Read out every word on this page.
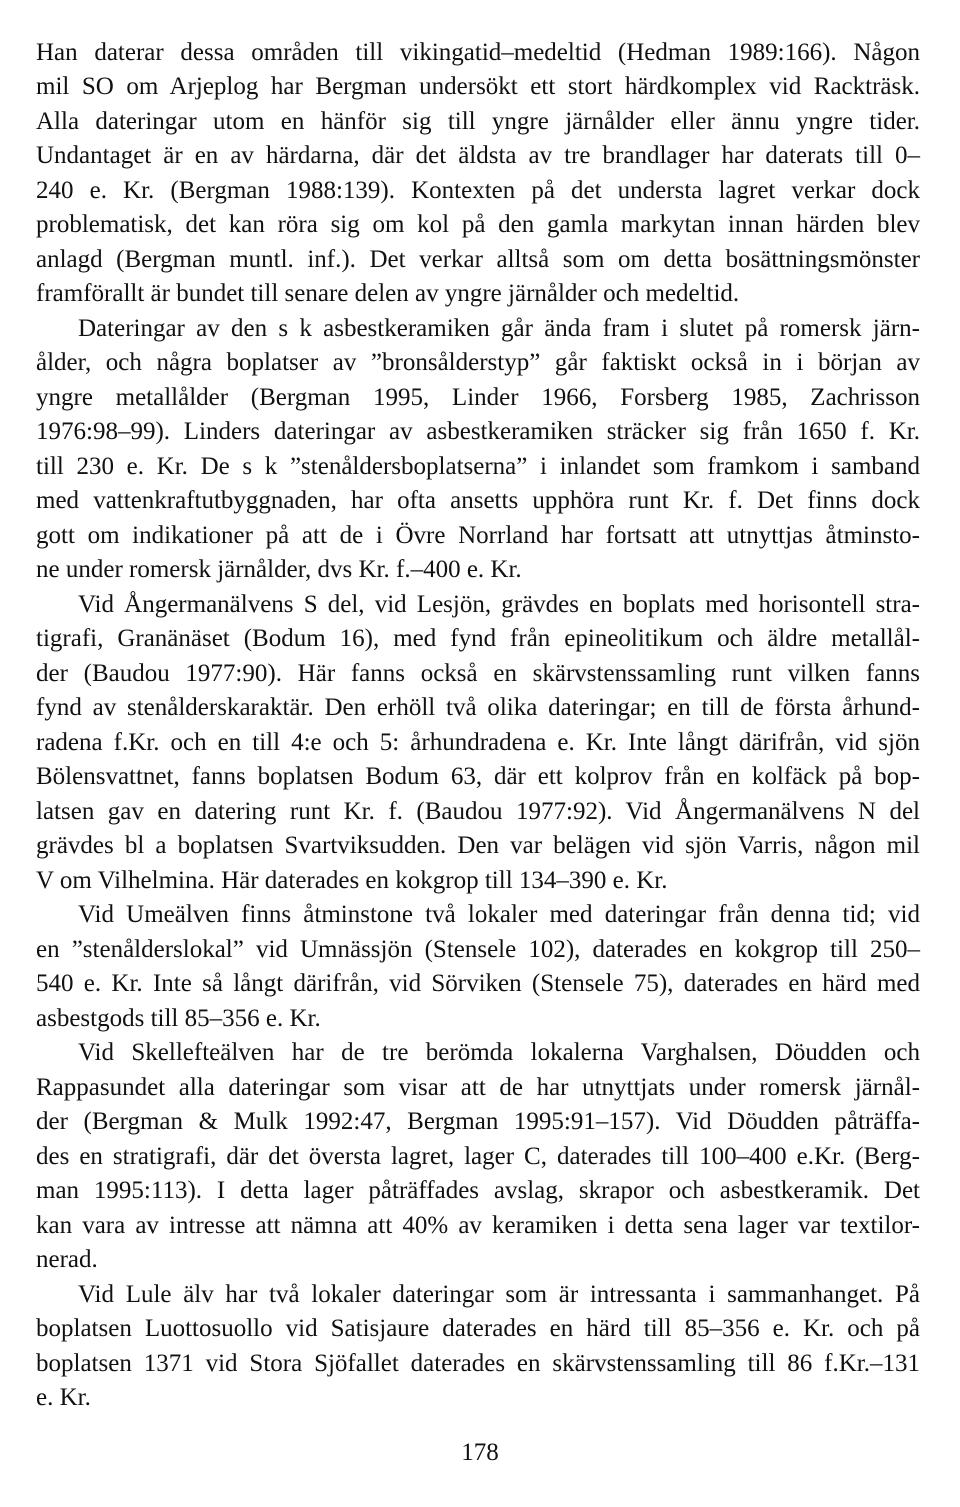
Han daterar dessa områden till vikingatid–medeltid (Hedman 1989:166). Någon
mil SO om Arjeplog har Bergman undersökt ett stort härdkomplex vid Rackträsk.
Alla dateringar utom en hänför sig till yngre järnålder eller ännu yngre tider.
Undantaget är en av härdarna, där det äldsta av tre brandlager har daterats till 0–
240 e. Kr. (Bergman 1988:139). Kontexten på det understa lagret verkar dock
problematisk, det kan röra sig om kol på den gamla markytan innan härden blev
anlagd (Bergman muntl. inf.). Det verkar alltså som om detta bosättningsmönster
framförallt är bundet till senare delen av yngre järnålder och medeltid.
Dateringar av den s k asbestkeramiken går ända fram i slutet på romersk järn-
ålder, och några boplatser av ”bronsålderstyp” går faktiskt också in i början av
yngre metallålder (Bergman 1995, Linder 1966, Forsberg 1985, Zachrisson
1976:98–99). Linders dateringar av asbestkeramiken sträcker sig från 1650 f. Kr.
till 230 e. Kr. De s k ”stenåldersboplatserna” i inlandet som framkom i samband
med vattenkraftutbyggnaden, har ofta ansetts upphöra runt Kr. f. Det finns dock
gott om indikationer på att de i Övre Norrland har fortsatt att utnyttjas åtminsto-
ne under romersk järnålder, dvs Kr. f.–400 e. Kr.
Vid Ångermanälvens S del, vid Lesjön, grävdes en boplats med horisontell stra-
tigrafi, Granänäset (Bodum 16), med fynd från epineolitikum och äldre metallål-
der (Baudou 1977:90). Här fanns också en skärvstenssamling runt vilken fanns
fynd av stenålderskaraktär. Den erhöll två olika dateringar; en till de första århund-
radena f.Kr. och en till 4:e och 5: århundradena e. Kr. Inte långt därifrån, vid sjön
Bölensvattnet, fanns boplatsen Bodum 63, där ett kolprov från en kolfäck på bop-
latsen gav en datering runt Kr. f. (Baudou 1977:92). Vid Ångermanälvens N del
grävdes bl a boplatsen Svartviksudden. Den var belägen vid sjön Varris, någon mil
V om Vilhelmina. Här daterades en kokgrop till 134–390 e. Kr.
Vid Umeälven finns åtminstone två lokaler med dateringar från denna tid; vid
en ”stenålderslokal” vid Umnässjön (Stensele 102), daterades en kokgrop till 250–
540 e. Kr. Inte så långt därifrån, vid Sörviken (Stensele 75), daterades en härd med
asbestgods till 85–356 e. Kr.
Vid Skellefteälven har de tre berömda lokalerna Varghalsen, Döudden och
Rappasundet alla dateringar som visar att de har utnyttjats under romersk järnål-
der (Bergman & Mulk 1992:47, Bergman 1995:91–157). Vid Döudden påträffa-
des en stratigrafi, där det översta lagret, lager C, daterades till 100–400 e.Kr. (Berg-
man 1995:113). I detta lager påträffades avslag, skrapor och asbestkeramik. Det
kan vara av intresse att nämna att 40% av keramiken i detta sena lager var textilor-
nerad.
Vid Lule älv har två lokaler dateringar som är intressanta i sammanhanget. På
boplatsen Luottosuollo vid Satisjaure daterades en härd till 85–356 e. Kr. och på
boplatsen 1371 vid Stora Sjöfallet daterades en skärvstenssamling till 86 f.Kr.–131
e. Kr.
178
